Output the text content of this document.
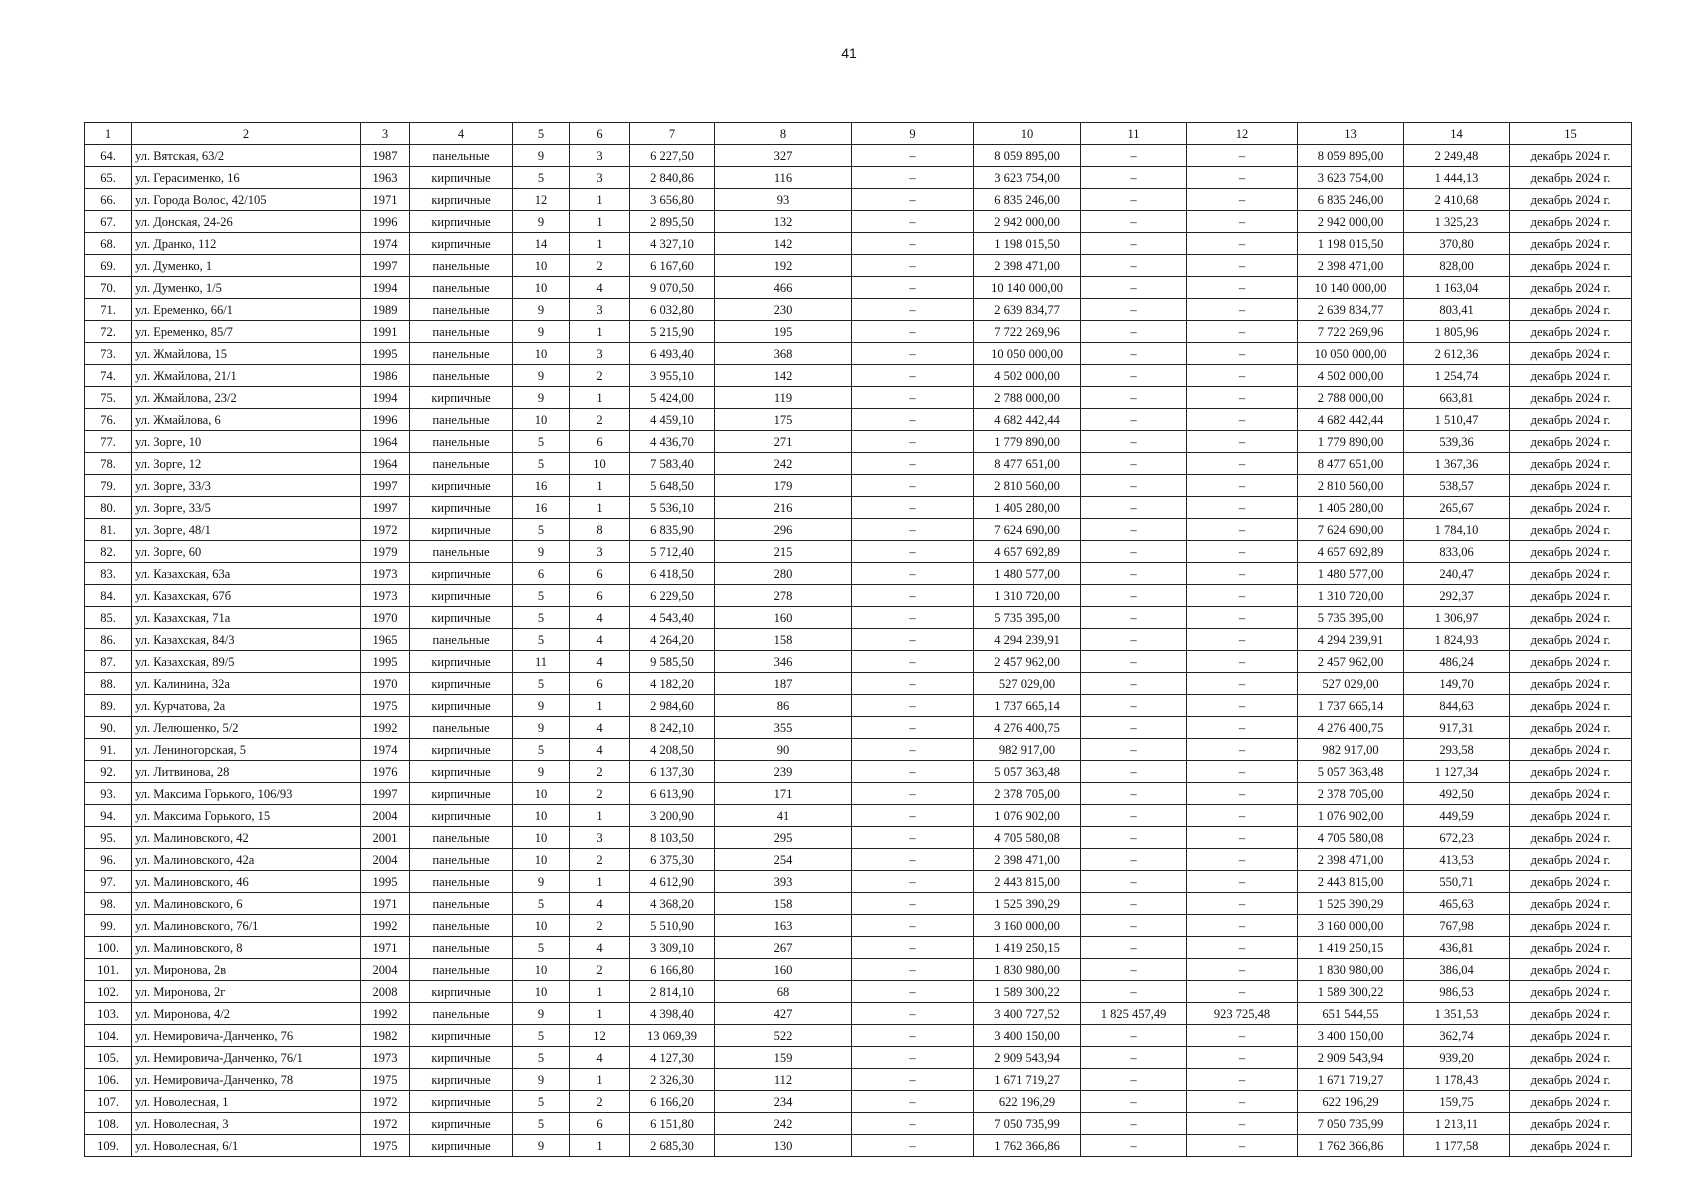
41
1	2	3	4	5	6	7	8	9	10	11	12	13	14	15
64.	ул. Вятская, 63/2	1987	панельные	9	3	6 227,50	327	–	8 059 895,00	–	–	8 059 895,00	2 249,48	декабрь 2024 г.
65.	ул. Герасименко, 16	1963	кирпичные	5	3	2 840,86	116	–	3 623 754,00	–	–	3 623 754,00	1 444,13	декабрь 2024 г.
66.	ул. Города Волос, 42/105	1971	кирпичные	12	1	3 656,80	93	–	6 835 246,00	–	–	6 835 246,00	2 410,68	декабрь 2024 г.
67.	ул. Донская, 24-26	1996	кирпичные	9	1	2 895,50	132	–	2 942 000,00	–	–	2 942 000,00	1 325,23	декабрь 2024 г.
68.	ул. Дранко, 112	1974	кирпичные	14	1	4 327,10	142	–	1 198 015,50	–	–	1 198 015,50	370,80	декабрь 2024 г.
69.	ул. Думенко, 1	1997	панельные	10	2	6 167,60	192	–	2 398 471,00	–	–	2 398 471,00	828,00	декабрь 2024 г.
70.	ул. Думенко, 1/5	1994	панельные	10	4	9 070,50	466	–	10 140 000,00	–	–	10 140 000,00	1 163,04	декабрь 2024 г.
71.	ул. Еременко, 66/1	1989	панельные	9	3	6 032,80	230	–	2 639 834,77	–	–	2 639 834,77	803,41	декабрь 2024 г.
72.	ул. Еременко, 85/7	1991	панельные	9	1	5 215,90	195	–	7 722 269,96	–	–	7 722 269,96	1 805,96	декабрь 2024 г.
73.	ул. Жмайлова, 15	1995	панельные	10	3	6 493,40	368	–	10 050 000,00	–	–	10 050 000,00	2 612,36	декабрь 2024 г.
74.	ул. Жмайлова, 21/1	1986	панельные	9	2	3 955,10	142	–	4 502 000,00	–	–	4 502 000,00	1 254,74	декабрь 2024 г.
75.	ул. Жмайлова, 23/2	1994	кирпичные	9	1	5 424,00	119	–	2 788 000,00	–	–	2 788 000,00	663,81	декабрь 2024 г.
76.	ул. Жмайлова, 6	1996	панельные	10	2	4 459,10	175	–	4 682 442,44	–	–	4 682 442,44	1 510,47	декабрь 2024 г.
77.	ул. Зорге, 10	1964	панельные	5	6	4 436,70	271	–	1 779 890,00	–	–	1 779 890,00	539,36	декабрь 2024 г.
78.	ул. Зорге, 12	1964	панельные	5	10	7 583,40	242	–	8 477 651,00	–	–	8 477 651,00	1 367,36	декабрь 2024 г.
79.	ул. Зорге, 33/3	1997	кирпичные	16	1	5 648,50	179	–	2 810 560,00	–	–	2 810 560,00	538,57	декабрь 2024 г.
80.	ул. Зорге, 33/5	1997	кирпичные	16	1	5 536,10	216	–	1 405 280,00	–	–	1 405 280,00	265,67	декабрь 2024 г.
81.	ул. Зорге, 48/1	1972	кирпичные	5	8	6 835,90	296	–	7 624 690,00	–	–	7 624 690,00	1 784,10	декабрь 2024 г.
82.	ул. Зорге, 60	1979	панельные	9	3	5 712,40	215	–	4 657 692,89	–	–	4 657 692,89	833,06	декабрь 2024 г.
83.	ул. Казахская, 63а	1973	кирпичные	6	6	6 418,50	280	–	1 480 577,00	–	–	1 480 577,00	240,47	декабрь 2024 г.
84.	ул. Казахская, 67б	1973	кирпичные	5	6	6 229,50	278	–	1 310 720,00	–	–	1 310 720,00	292,37	декабрь 2024 г.
85.	ул. Казахская, 71а	1970	кирпичные	5	4	4 543,40	160	–	5 735 395,00	–	–	5 735 395,00	1 306,97	декабрь 2024 г.
86.	ул. Казахская, 84/3	1965	панельные	5	4	4 264,20	158	–	4 294 239,91	–	–	4 294 239,91	1 824,93	декабрь 2024 г.
87.	ул. Казахская, 89/5	1995	кирпичные	11	4	9 585,50	346	–	2 457 962,00	–	–	2 457 962,00	486,24	декабрь 2024 г.
88.	ул. Калинина, 32а	1970	кирпичные	5	6	4 182,20	187	–	527 029,00	–	–	527 029,00	149,70	декабрь 2024 г.
89.	ул. Курчатова, 2а	1975	кирпичные	9	1	2 984,60	86	–	1 737 665,14	–	–	1 737 665,14	844,63	декабрь 2024 г.
90.	ул. Лелюшенко, 5/2	1992	панельные	9	4	8 242,10	355	–	4 276 400,75	–	–	4 276 400,75	917,31	декабрь 2024 г.
91.	ул. Лениногорская, 5	1974	кирпичные	5	4	4 208,50	90	–	982 917,00	–	–	982 917,00	293,58	декабрь 2024 г.
92.	ул. Литвинова, 28	1976	кирпичные	9	2	6 137,30	239	–	5 057 363,48	–	–	5 057 363,48	1 127,34	декабрь 2024 г.
93.	ул. Максима Горького, 106/93	1997	кирпичные	10	2	6 613,90	171	–	2 378 705,00	–	–	2 378 705,00	492,50	декабрь 2024 г.
94.	ул. Максима Горького, 15	2004	кирпичные	10	1	3 200,90	41	–	1 076 902,00	–	–	1 076 902,00	449,59	декабрь 2024 г.
95.	ул. Малиновского, 42	2001	панельные	10	3	8 103,50	295	–	4 705 580,08	–	–	4 705 580,08	672,23	декабрь 2024 г.
96.	ул. Малиновского, 42а	2004	панельные	10	2	6 375,30	254	–	2 398 471,00	–	–	2 398 471,00	413,53	декабрь 2024 г.
97.	ул. Малиновского, 46	1995	панельные	9	1	4 612,90	393	–	2 443 815,00	–	–	2 443 815,00	550,71	декабрь 2024 г.
98.	ул. Малиновского, 6	1971	панельные	5	4	4 368,20	158	–	1 525 390,29	–	–	1 525 390,29	465,63	декабрь 2024 г.
99.	ул. Малиновского, 76/1	1992	панельные	10	2	5 510,90	163	–	3 160 000,00	–	–	3 160 000,00	767,98	декабрь 2024 г.
100.	ул. Малиновского, 8	1971	панельные	5	4	3 309,10	267	–	1 419 250,15	–	–	1 419 250,15	436,81	декабрь 2024 г.
101.	ул. Миронова, 2в	2004	панельные	10	2	6 166,80	160	–	1 830 980,00	–	–	1 830 980,00	386,04	декабрь 2024 г.
102.	ул. Миронова, 2г	2008	кирпичные	10	1	2 814,10	68	–	1 589 300,22	–	–	1 589 300,22	986,53	декабрь 2024 г.
103.	ул. Миронова, 4/2	1992	панельные	9	1	4 398,40	427	–	3 400 727,52	1 825 457,49	923 725,48	651 544,55	1 351,53	декабрь 2024 г.
104.	ул. Немировича-Данченко, 76	1982	кирпичные	5	12	13 069,39	522	–	3 400 150,00	–	–	3 400 150,00	362,74	декабрь 2024 г.
105.	ул. Немировича-Данченко, 76/1	1973	кирпичные	5	4	4 127,30	159	–	2 909 543,94	–	–	2 909 543,94	939,20	декабрь 2024 г.
106.	ул. Немировича-Данченко, 78	1975	кирпичные	9	1	2 326,30	112	–	1 671 719,27	–	–	1 671 719,27	1 178,43	декабрь 2024 г.
107.	ул. Новолесная, 1	1972	кирпичные	5	2	6 166,20	234	–	622 196,29	–	–	622 196,29	159,75	декабрь 2024 г.
108.	ул. Новолесная, 3	1972	кирпичные	5	6	6 151,80	242	–	7 050 735,99	–	–	7 050 735,99	1 213,11	декабрь 2024 г.
109.	ул. Новолесная, 6/1	1975	кирпичные	9	1	2 685,30	130	–	1 762 366,86	–	–	1 762 366,86	1 177,58	декабрь 2024 г.
